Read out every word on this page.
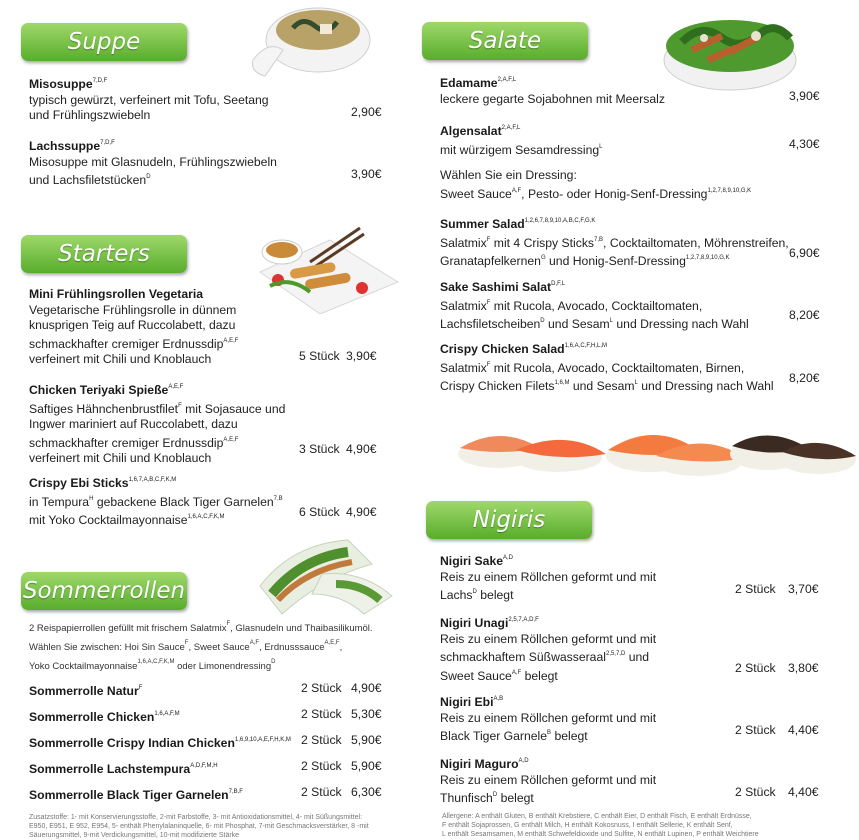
Suppe
Misosuppe$^{7,D,F}$
typisch gewürzt, verfeinert mit Tofu, Seetang
und Frühlingszwiebeln	2,90€
Lachssuppe$^{7,D,F}$
Misosuppe mit Glasnudeln, Frühlingszwiebeln
und Lachsfiletstücken$^D$	3,90€
Starters
Mini Frühlingsrollen Vegetaria
Vegetarische Frühlingsrolle in dünnem
knusprigen Teig auf Ruccolabett, dazu
schmackhafter cremiger Erdnussdip$^{A,E,F}$
verfeinert mit Chili und Knoblauch	5 Stück 3,90€
Chicken Teriyaki Spieße$^{A,E,F}$
Saftiges Hähnchenbrustfilet$^F$ mit Sojasauce und
Ingwer mariniert auf Ruccolabett, dazu
schmackhafter cremiger Erdnussdip$^{A,E,F}$
verfeinert mit Chili und Knoblauch
3 Stück 4,90€
Crispy Ebi Sticks$^{1,6,7,A,B,C,F,K,M}$
in Tempura$^H$ gebackene Black Tiger Garnelen$^{7,B}$
mit Yoko Cocktailmayonnaise$^{1,6,A,C,F,K,M}$	6 Stück 4,90€
Sommerrollen
2 Reispapierrollen gefüllt mit frischem Salatmix$^F$, Glasnudeln und Thaibasilikumöl.
Wählen Sie zwischen: Hoi Sin Sauce$^F$, Sweet Sauce$^{A,F}$, Erdnusssauce$^{A,E,F}$,
Yoko Cocktailmayonnaise$^{1,6,A,C,F,K,M}$ oder Limonendressing$^D$
Sommerrolle Natur$^F$	2 Stück 4,90€
Sommerrolle Chicken$^{1,6,A,F,M}$	2 Stück 5,30€
Sommerrolle Crispy Indian Chicken$^{1,6,9,10,A,E,F,H,K,M}$ 2 Stück 5,90€
Sommerrolle Lachstempura$^{A,D,F,M,H}$	2 Stück 5,90€
Sommerrolle Black Tiger Garnelen$^{7,B,F}$	2 Stück 6,30€
Zusatzstoffe: 1- mit Konservierungsstoffe, 2-mit Farbstoffe, 3- mit Antioxidationsmittel, 4- mit Süßungsmittel:
E950, E951, E 952, E954, 5- enthält Phenylalaninquelle, 6- mit Phosphat, 7-mit Geschmacksverstärker, 8 -mit
Säuerungsmittel, 9-mit Verdickungsmittel, 10-mit modifizierte Stärke
Salate
Edamame$^{2,A,F,L}$
leckere gegarte Sojabohnen mit Meersalz	3,90€
Algensalat$^{2,A,F,L}$
mit würzigem Sesamdressing$^L$	4,30€
Wählen Sie ein Dressing:
Sweet Sauce$^{A,F}$, Pesto- oder Honig-Senf-Dressing$^{1,2,7,8,9,10,G,K}$
Summer Salad$^{1,2,6,7,8,9,10,A,B,C,F,G,K}$
Salatmix$^F$ mit 4 Crispy Sticks$^{7,B}$, Cocktailtomaten, Möhrenstreifen,
Granatapfelkernen$^G$ und Honig-Senf-Dressing$^{1,2,7,8,9,10,G,K}$	6,90€
Sake Sashimi Salat$^{D,F,L}$
Salatmix$^F$ mit Rucola, Avocado, Cocktailtomaten,
Lachsfiletscheiben$^D$ und Sesam$^L$ und Dressing nach Wahl
8,20€
Crispy Chicken Salad$^{1,6,A,C,F,H,L,M}$
Salatmix$^F$ mit Rucola, Avocado, Cocktailtomaten, Birnen,
Crispy Chicken Filets$^{1,6,M}$ und Sesam$^L$ und Dressing nach Wahl
8,20€
Nigiris
Nigiri Sake$^{A,D}$
Reis zu einem Röllchen geformt und mit
Lachs$^D$ belegt	2 Stück 3,70€
Nigiri Unagi$^{2,5,7,A,D,F}$
Reis zu einem Röllchen geformt und mit
schmackhaftem Süßwasseraal$^{2,5,7,D}$ und
Sweet Sauce$^{A,F}$ belegt
2 Stück 3,80€
Nigiri Ebi$^{A,B}$
Reis zu einem Röllchen geformt und mit
Black Tiger Garnele$^B$ belegt	2 Stück 4,40€
Nigiri Maguro$^{A,D}$
Reis zu einem Röllchen geformt und mit
Thunfisch$^D$ belegt	2 Stück 4,40€
Allergene: A enthält Gluten, B enthält Krebstiere, C enthält Eier, D enthält Fisch, E enthält Erdnüsse,
F enthält Sojaprossen, G enthält Milch, H enthält Kokosnuss, I enthält Sellerie, K enthält Senf,
L enthält Sesamsamen, M enthält Schwefeldioxide und Sulfite, N enthält Lupinen, P enthält Weichtiere
